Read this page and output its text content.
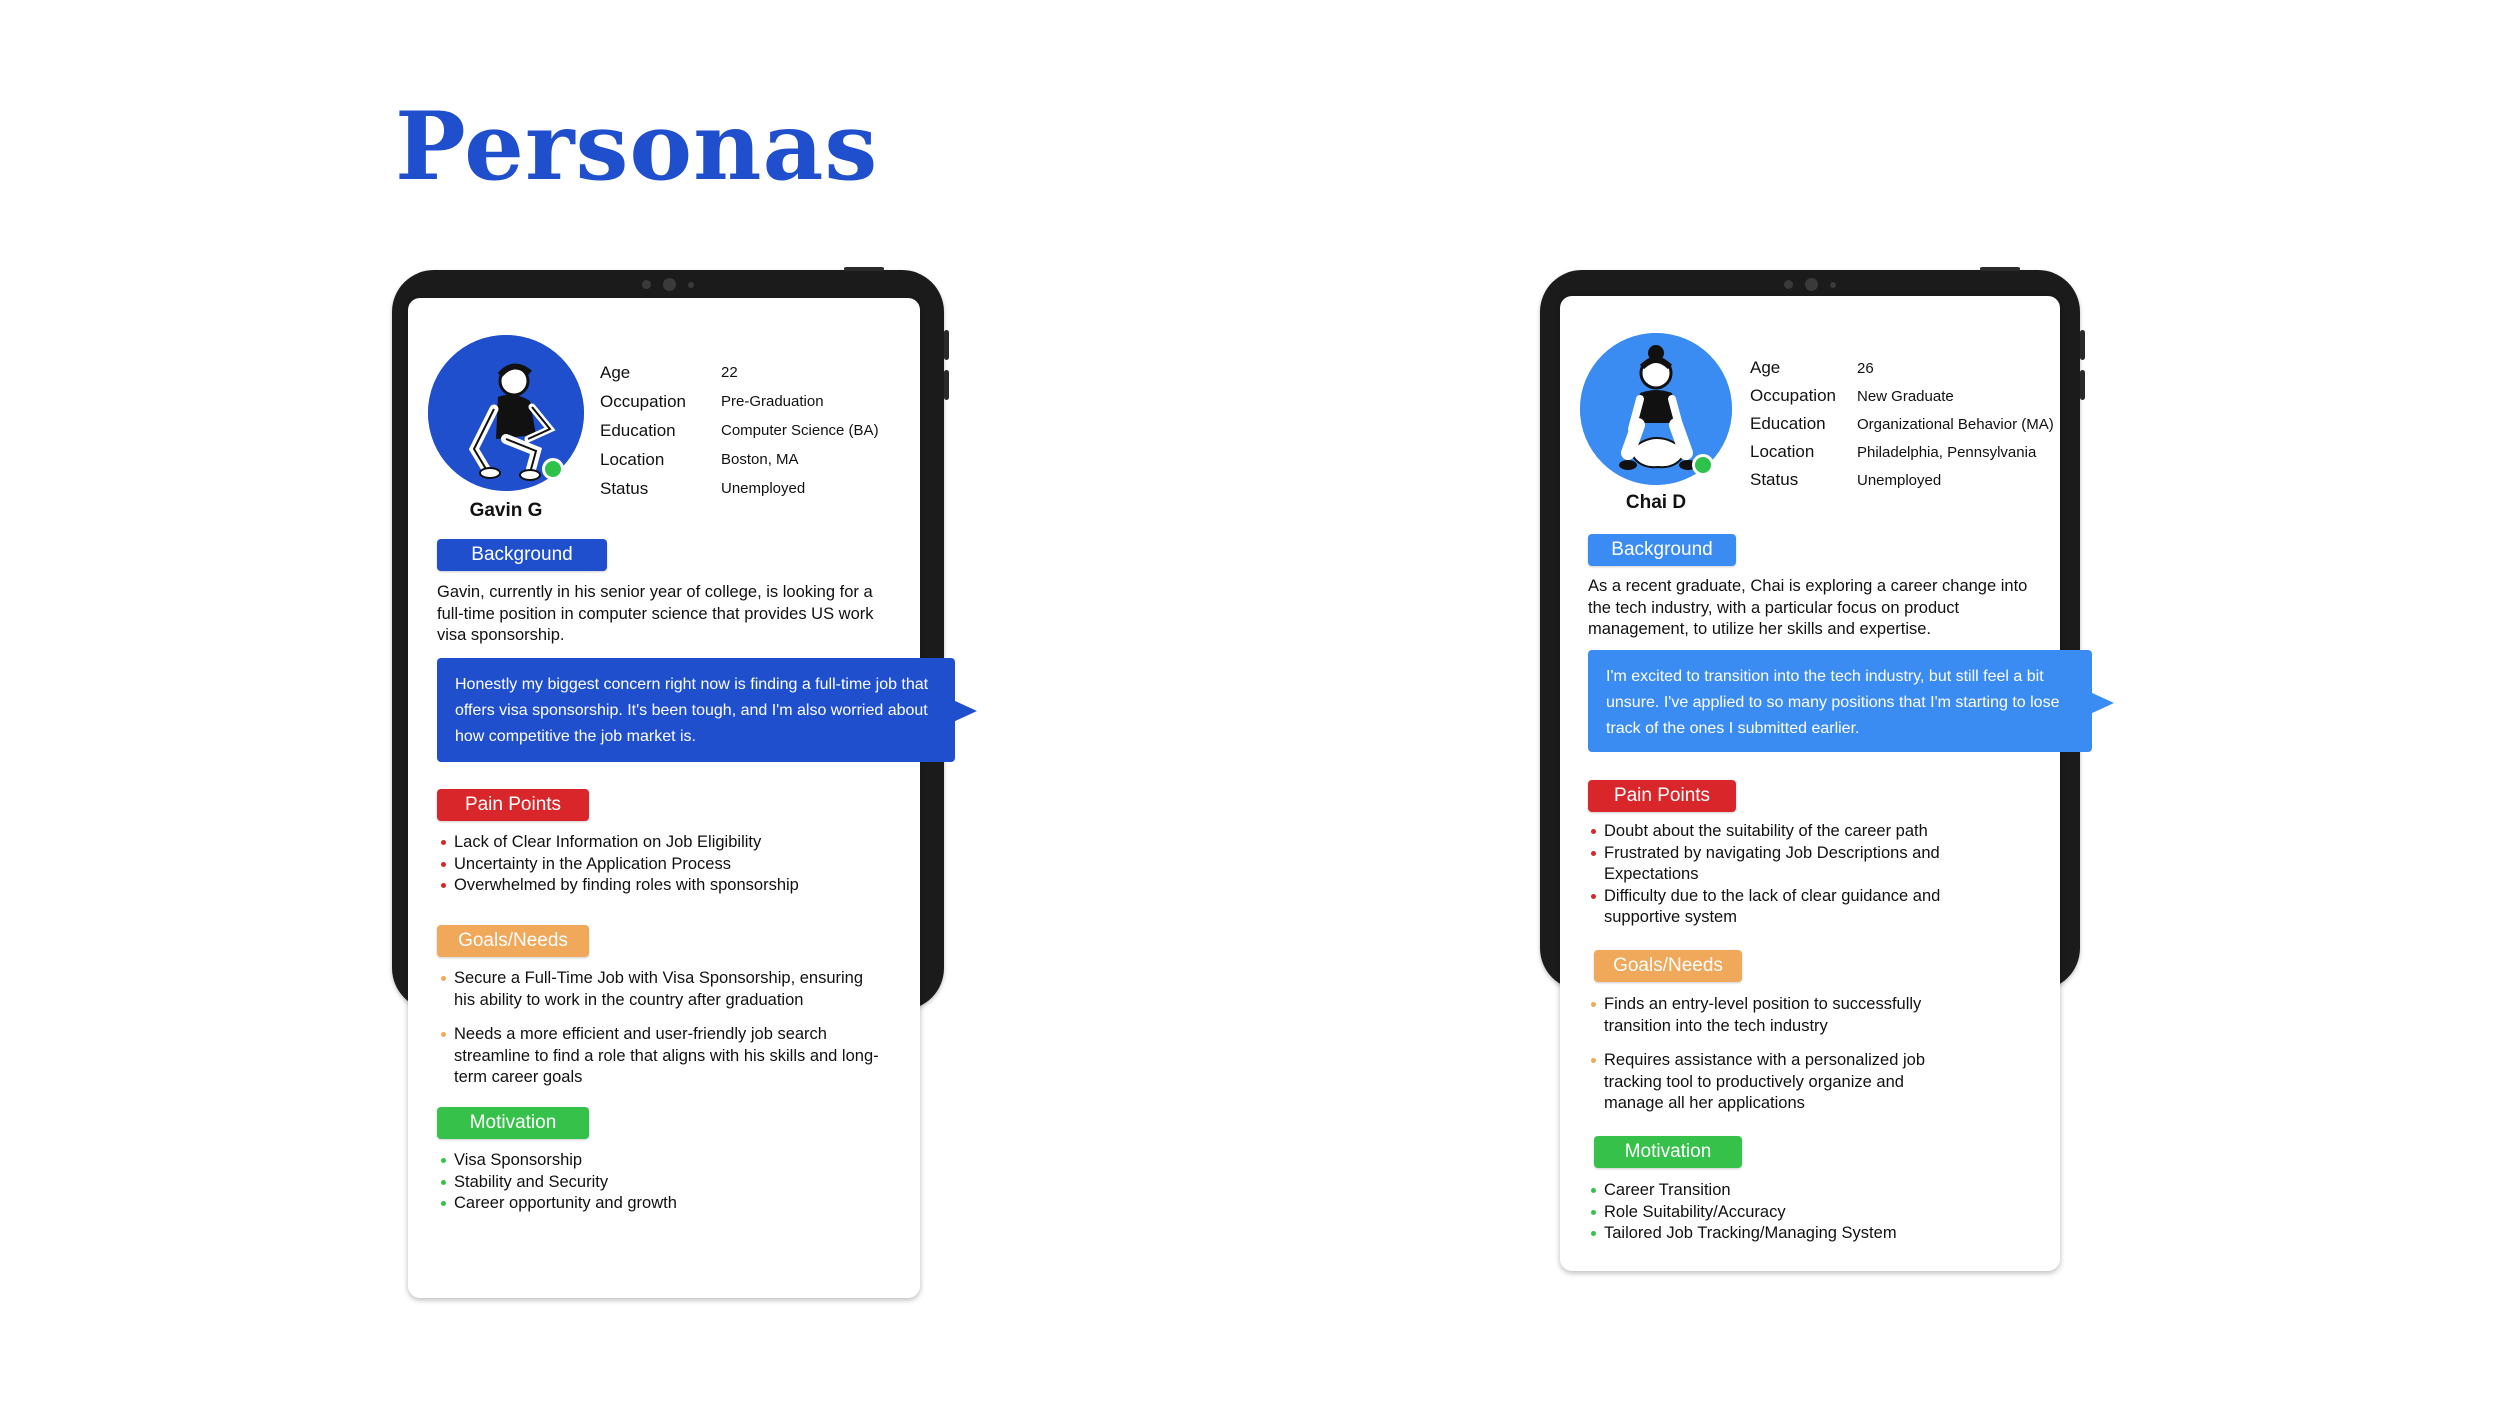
Personas
Gavin G
Age	22
Occupation	Pre-Graduation
Education	Computer Science (BA)
Location	Boston, MA
Status	Unemployed
Background

Gavin, currently in his senior year of college, is looking for a full-time position in computer science that provides US work visa sponsorship.

Honestly my biggest concern right now is finding a full-time job that offers visa sponsorship. It's been tough, and I'm also worried about how competitive the job market is.
Pain Points
Lack of Clear Information on Job Eligibility
Uncertainty in the Application Process
Overwhelmed by finding roles with sponsorship
Goals/Needs
Secure a Full-Time Job with Visa Sponsorship, ensuring his ability to work in the country after graduation
Needs a more efficient and user-friendly job search streamline to find a role that aligns with his skills and long-term career goals
Motivation
Visa Sponsorship
Stability and Security
Career opportunity and growth
Chai D
Age	26
Occupation	New Graduate
Education	Organizational Behavior (MA)
Location	Philadelphia, Pennsylvania
Status	Unemployed
Background

As a recent graduate, Chai is exploring a career change into the tech industry, with a particular focus on product management, to utilize her skills and expertise.

I'm excited to transition into the tech industry, but still feel a bit unsure. I've applied to so many positions that I'm starting to lose track of the ones I submitted earlier.
Pain Points
Doubt about the suitability of the career path
Frustrated by navigating Job Descriptions and Expectations
Difficulty due to the lack of clear guidance and supportive system
Goals/Needs
Finds an entry-level position to successfully transition into the tech industry
Requires assistance with a personalized job tracking tool to productively organize and manage all her applications
Motivation
Career Transition
Role Suitability/Accuracy
Tailored Job Tracking/Managing System
